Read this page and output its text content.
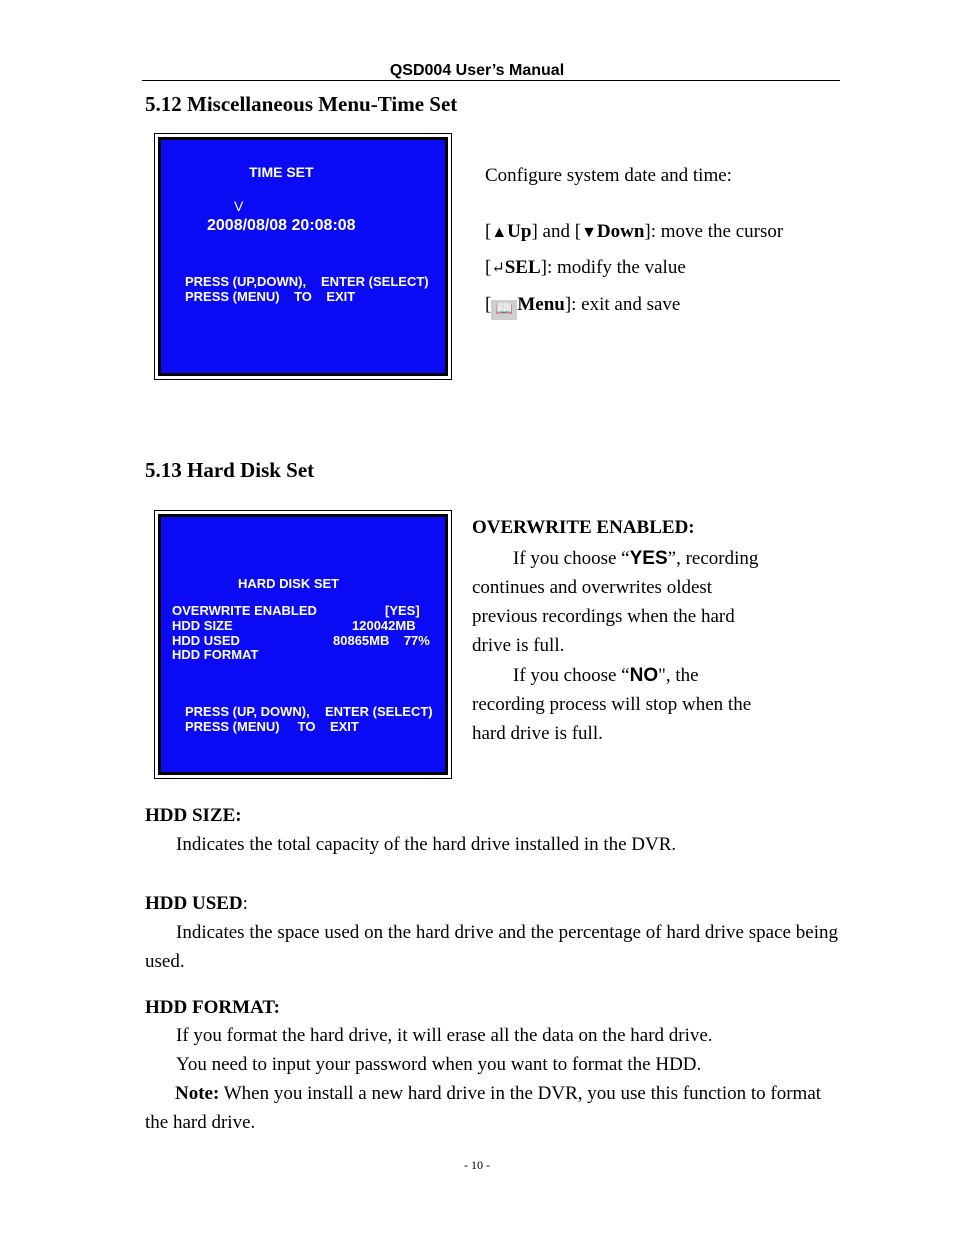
QSD004 User’s Manual
5.12 Miscellaneous Menu-Time Set
TIME SET
V
2008/08/08 20:08:08
PRESS (UP,DOWN), ENTER (SELECT)
PRESS (MENU)    TO    EXIT
Configure system date and time:
[▲Up] and [▼Down]: move the cursor
[↵SEL]: modify the value
[ 📖 Menu]: exit and save
5.13 Hard Disk Set
HARD DISK SET
OVERWRITE ENABLED	[YES]
HDD SIZE	120042MB
HDD USED	80865MB    77%
HDD FORMAT
PRESS (UP, DOWN), ENTER (SELECT)
PRESS (MENU)     TO    EXIT
OVERWRITE ENABLED:
If you choose “YES”, recording
continues and overwrites oldest
previous recordings when the hard
drive is full.
If you choose “NO", the
recording process will stop when the
hard drive is full.
HDD SIZE:
Indicates the total capacity of the hard drive installed in the DVR.
HDD USED:
Indicates the space used on the hard drive and the percentage of hard drive space being used.
HDD FORMAT:
If you format the hard drive, it will erase all the data on the hard drive.
You need to input your password when you want to format the HDD.
Note: When you install a new hard drive in the DVR, you use this function to format the hard drive.
- 10 -
